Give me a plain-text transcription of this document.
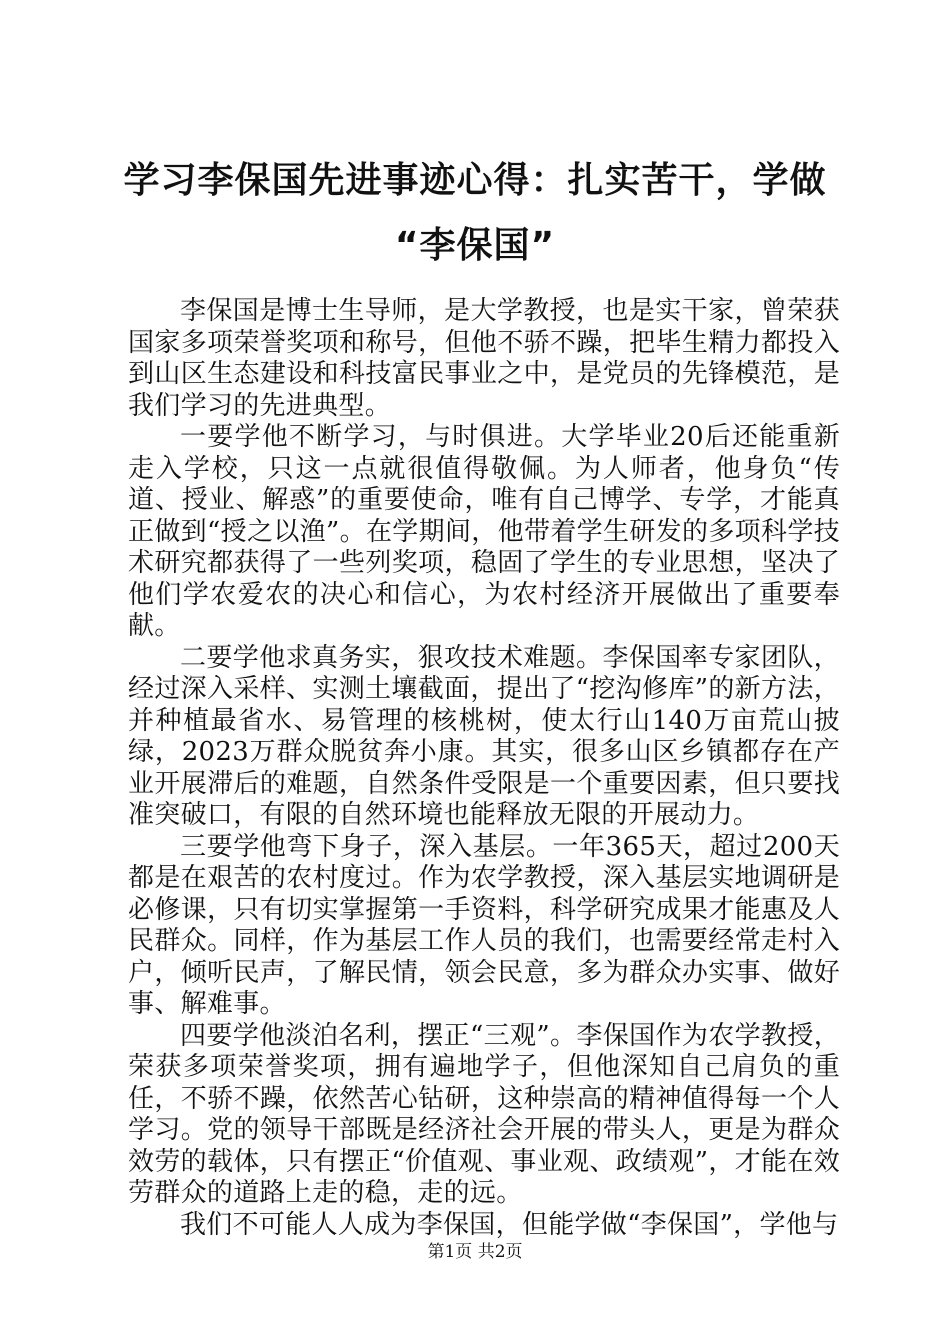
学习李保国先进事迹心得：扎实苦干，学做
“李保国”

李保国是博士生导师，是大学教授，也是实干家，曾荣获国家多项荣誉奖项和称号，但他不骄不躁，把毕生精力都投入到山区生态建设和科技富民事业之中，是党员的先锋模范，是我们学习的先进典型。

一要学他不断学习，与时俱进。大学毕业20后还能重新走入学校，只这一点就很值得敬佩。为人师者，他身负“传道、授业、解惑”的重要使命，唯有自己博学、专学，才能真正做到“授之以渔”。在学期间，他带着学生研发的多项科学技术研究都获得了一些列奖项，稳固了学生的专业思想，坚决了他们学农爱农的决心和信心，为农村经济开展做出了重要奉献。

二要学他求真务实，狠攻技术难题。李保国率专家团队，经过深入采样、实测土壤截面，提出了“挖沟修库”的新方法，并种植最省水、易管理的核桃树，使太行山140万亩荒山披绿，2023万群众脱贫奔小康。其实，很多山区乡镇都存在产业开展滞后的难题，自然条件受限是一个重要因素，但只要找准突破口，有限的自然环境也能释放无限的开展动力。

三要学他弯下身子，深入基层。一年365天，超过200天都是在艰苦的农村度过。作为农学教授，深入基层实地调研是必修课，只有切实掌握第一手资料，科学研究成果才能惠及人民群众。同样，作为基层工作人员的我们，也需要经常走村入户，倾听民声，了解民情，领会民意，多为群众办实事、做好事、解难事。

四要学他淡泊名利，摆正“三观”。李保国作为农学教授，荣获多项荣誉奖项，拥有遍地学子，但他深知自己肩负的重任，不骄不躁，依然苦心钻研，这种崇高的精神值得每一个人学习。党的领导干部既是经济社会开展的带头人，更是为群众效劳的载体，只有摆正“价值观、事业观、政绩观”，才能在效劳群众的道路上走的稳，走的远。

我们不可能人人成为李保国，但能学做“李保国”，学他与

第1页 共2页
